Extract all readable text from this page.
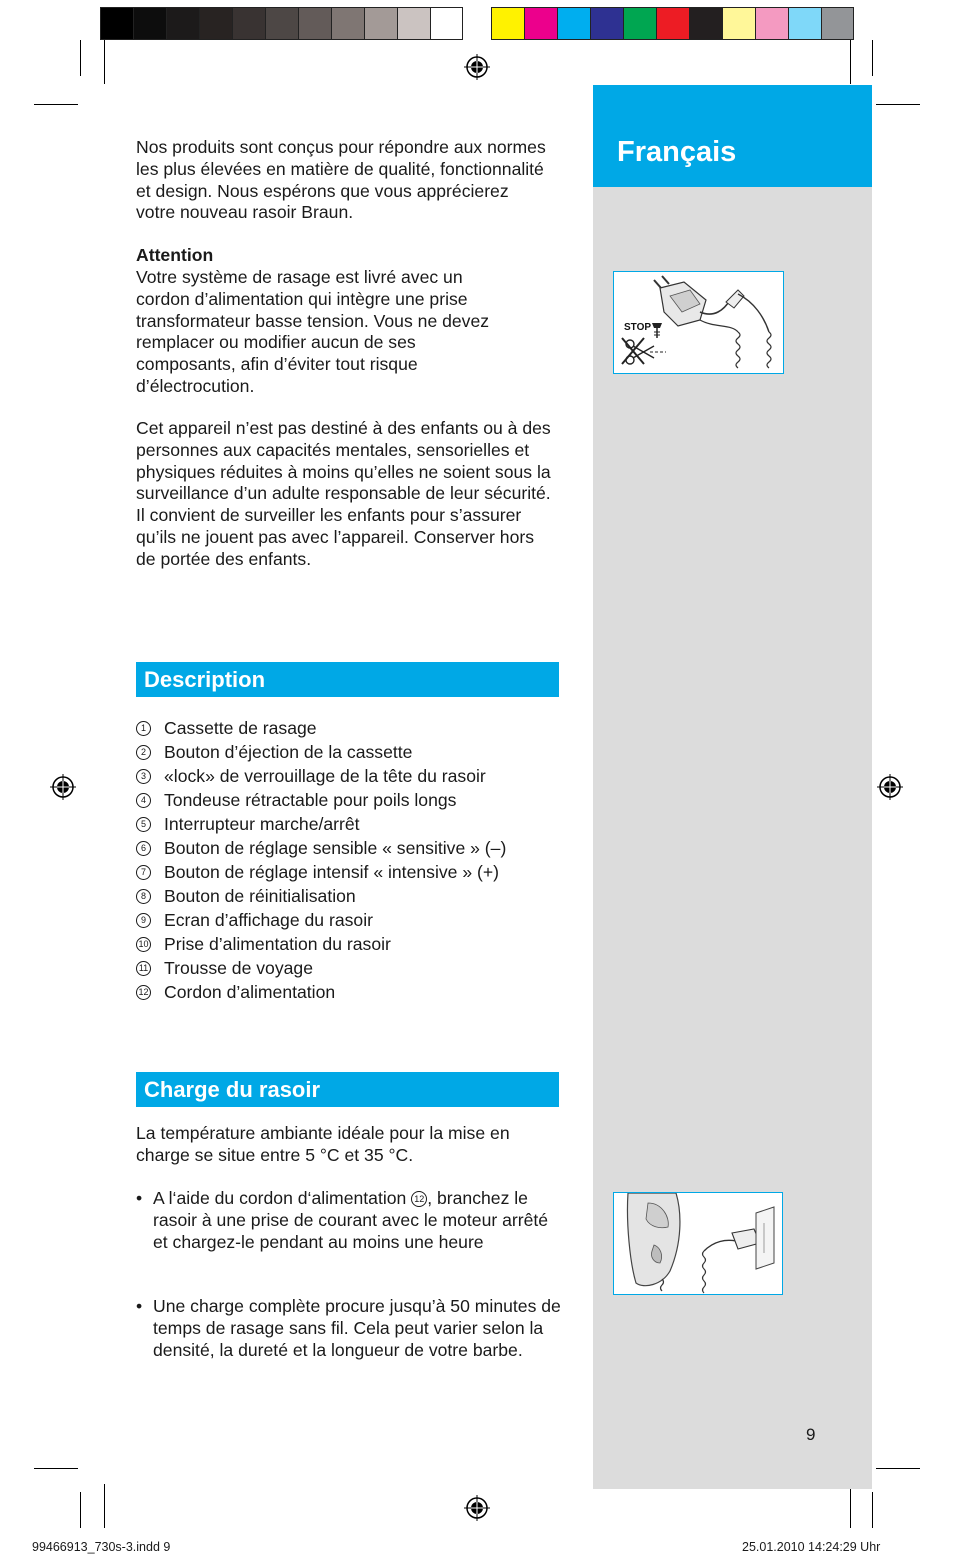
Français
STOP

Nos produits sont conçus pour répondre aux normes les plus élevées en matière de qualité, fonctionnalité et design. Nous espérons que vous apprécierez votre nouveau rasoir Braun.

Attention

Votre système de rasage est livré avec un cordon d’alimentation qui intègre une prise transformateur basse tension. Vous ne devez remplacer ou modifier aucun de ses composants, afin d’éviter tout risque d’électrocution.

Cet appareil n’est pas destiné à des enfants ou à des personnes aux capacités mentales, sensorielles et physiques réduites à moins qu’elles ne soient sous la surveillance d’un adulte responsable de leur sécurité. Il convient de surveiller les enfants pour s’assurer qu’ils ne jouent pas avec l’appareil. Conserver hors de portée des enfants.

Description
1 Cassette de rasage
2 Bouton d’éjection de la cassette
3 «lock» de verrouillage de la tête du rasoir
4 Tondeuse rétractable pour poils longs
5 Interrupteur marche/arrêt
6 Bouton de réglage sensible « sensitive » (–)
7 Bouton de réglage intensif « intensive » (+)
8 Bouton de réinitialisation
9 Ecran d’affichage du rasoir
10 Prise d’alimentation du rasoir
11 Trousse de voyage
12 Cordon d’alimentation
Charge du rasoir

La température ambiante idéale pour la mise en charge se situe entre 5 °C et 35 °C.

• A l‘aide du cordon d‘alimentation 12 , branchez le rasoir à une prise de courant avec le moteur arrêté et chargez-le pendant au moins une heure
• Une charge complète procure jusqu’à 50 minutes de temps de rasage sans fil. Cela peut varier selon la densité, la dureté et la longueur de votre barbe.

9

99466913_730s-3.indd 9	25.01.2010 14:24:29 Uhr
